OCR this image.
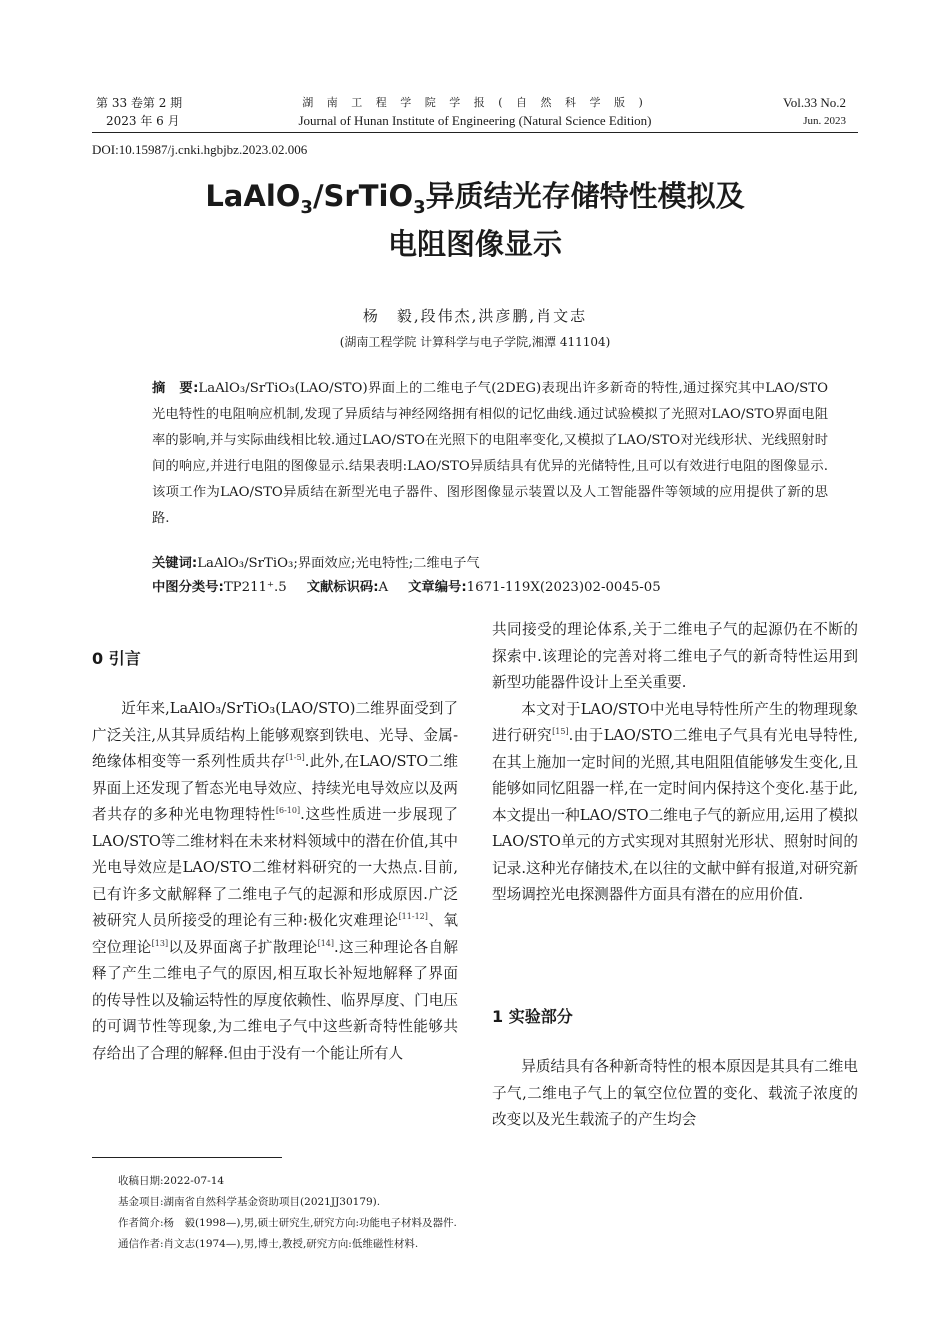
第 33 卷第 2 期
2023 年 6 月
湖 南 工 程 学 院 学 报 ( 自 然 科 学 版 )
Journal of Hunan Institute of Engineering (Natural Science Edition)
Vol.33 No.2
Jun. 2023
DOI:10.15987/j.cnki.hgbjbz.2023.02.006
LaAlO$_3$/SrTiO$_3$异质结光存储特性模拟及
电阻图像显示
杨　毅,段伟杰,洪彦鹏,肖文志
(湖南工程学院 计算科学与电子学院,湘潭 411104)
摘　要:LaAlO₃/SrTiO₃(LAO/STO)界面上的二维电子气(2DEG)表现出许多新奇的特性,通过探究其中LAO/STO光电特性的电阻响应机制,发现了异质结与神经网络拥有相似的记忆曲线.通过试验模拟了光照对LAO/STO界面电阻率的影响,并与实际曲线相比较.通过LAO/STO在光照下的电阻率变化,又模拟了LAO/STO对光线形状、光线照射时间的响应,并进行电阻的图像显示.结果表明:LAO/STO异质结具有优异的光储特性,且可以有效进行电阻的图像显示.该项工作为LAO/STO异质结在新型光电子器件、图形图像显示装置以及人工智能器件等领域的应用提供了新的思路.
关键词:LaAlO₃/SrTiO₃;界面效应;光电特性;二维电子气
中图分类号:TP211⁺.5 文献标识码:A 文章编号:1671-119X(2023)02-0045-05
0 引言

近年来,LaAlO₃/SrTiO₃(LAO/STO)二维界面受到了广泛关注,从其异质结构上能够观察到铁电、光导、金属-绝缘体相变等一系列性质共存[1-5].此外,在LAO/STO二维界面上还发现了暂态光电导效应、持续光电导效应以及两者共存的多种光电物理特性[6-10].这些性质进一步展现了LAO/STO等二维材料在未来材料领域中的潜在价值,其中光电导效应是LAO/STO二维材料研究的一大热点.目前,已有许多文献解释了二维电子气的起源和形成原因.广泛被研究人员所接受的理论有三种:极化灾难理论[11-12]、氧空位理论[13]以及界面离子扩散理论[14].这三种理论各自解释了产生二维电子气的原因,相互取长补短地解释了界面的传导性以及输运特性的厚度依赖性、临界厚度、门电压的可调节性等现象,为二维电子气中这些新奇特性能够共存给出了合理的解释.但由于没有一个能让所有人

共同接受的理论体系,关于二维电子气的起源仍在不断的探索中.该理论的完善对将二维电子气的新奇特性运用到新型功能器件设计上至关重要.

本文对于LAO/STO中光电导特性所产生的物理现象进行研究[15].由于LAO/STO二维电子气具有光电导特性,在其上施加一定时间的光照,其电阻阻值能够发生变化,且能够如同忆阻器一样,在一定时间内保持这个变化.基于此,本文提出一种LAO/STO二维电子气的新应用,运用了模拟LAO/STO单元的方式实现对其照射光形状、照射时间的记录.这种光存储技术,在以往的文献中鲜有报道,对研究新型场调控光电探测器件方面具有潜在的应用价值.

1 实验部分

异质结具有各种新奇特性的根本原因是其具有二维电子气,二维电子气上的氧空位位置的变化、载流子浓度的改变以及光生载流子的产生均会

收稿日期:2022-07-14
基金项目:湖南省自然科学基金资助项目(2021JJ30179).
作者简介:杨　毅(1998—),男,硕士研究生,研究方向:功能电子材料及器件.
通信作者:肖文志(1974—),男,博士,教授,研究方向:低维磁性材料.
